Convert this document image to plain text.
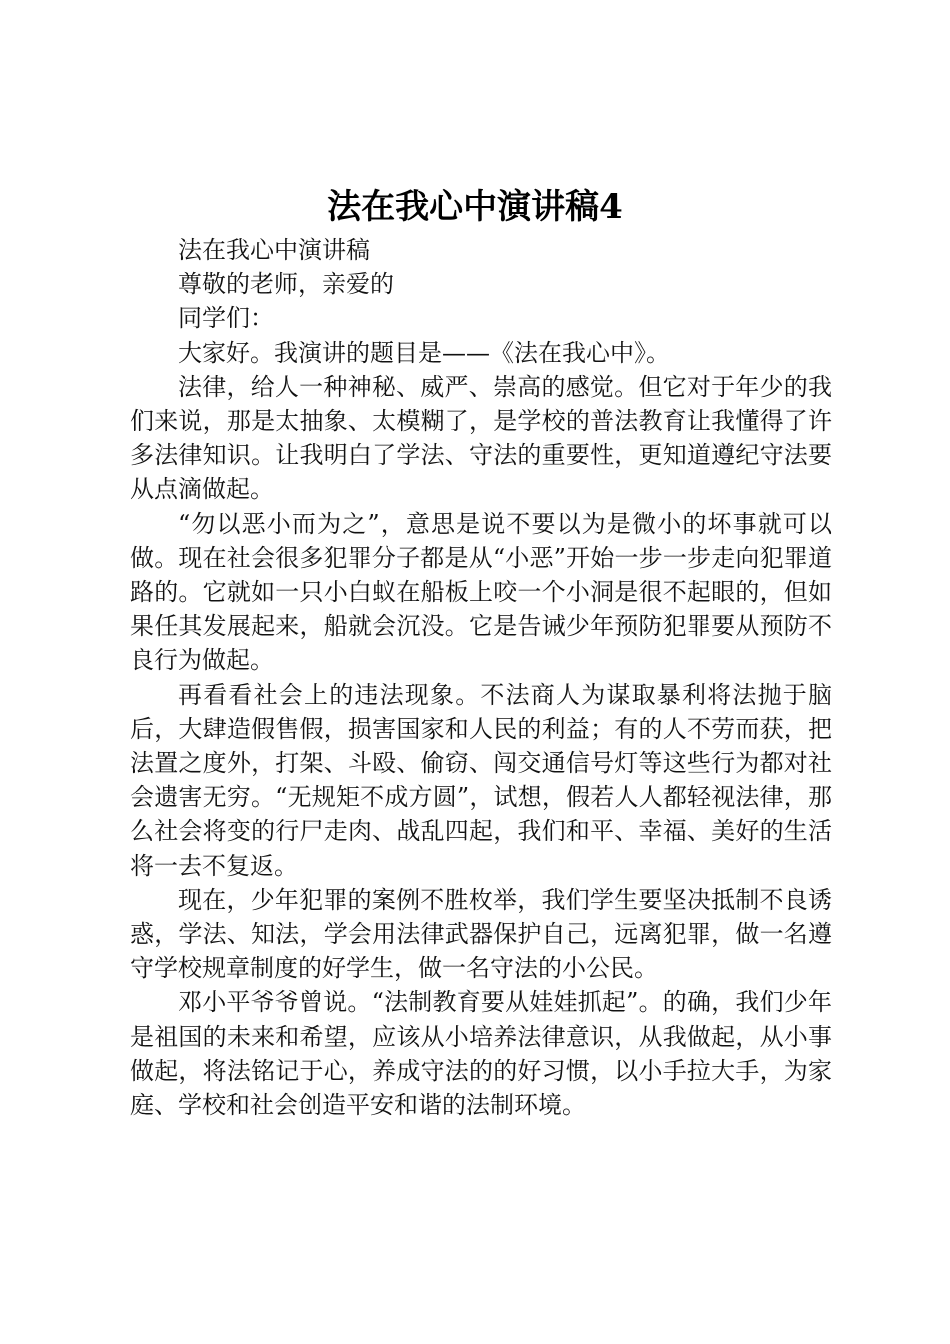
法在我心中演讲稿4

法在我心中演讲稿

尊敬的老师，亲爱的

同学们：

大家好。我演讲的题目是——《法在我心中》。

法律，给人一种神秘、威严、崇高的感觉。但它对于年少的我们来说，那是太抽象、太模糊了，是学校的普法教育让我懂得了许多法律知识。让我明白了学法、守法的重要性，更知道遵纪守法要从点滴做起。

“勿以恶小而为之”，意思是说不要以为是微小的坏事就可以做。现在社会很多犯罪分子都是从“小恶”开始一步一步走向犯罪道路的。它就如一只小白蚁在船板上咬一个小洞是很不起眼的，但如果任其发展起来，船就会沉没。它是告诫少年预防犯罪要从预防不良行为做起。

再看看社会上的违法现象。不法商人为谋取暴利将法抛于脑后，大肆造假售假，损害国家和人民的利益；有的人不劳而获，把法置之度外，打架、斗殴、偷窃、闯交通信号灯等这些行为都对社会遗害无穷。“无规矩不成方圆”，试想，假若人人都轻视法律，那么社会将变的行尸走肉、战乱四起，我们和平、幸福、美好的生活将一去不复返。

现在，少年犯罪的案例不胜枚举，我们学生要坚决抵制不良诱惑，学法、知法，学会用法律武器保护自己，远离犯罪，做一名遵守学校规章制度的好学生，做一名守法的小公民。

邓小平爷爷曾说。“法制教育要从娃娃抓起”。的确，我们少年是祖国的未来和希望，应该从小培养法律意识，从我做起，从小事做起，将法铭记于心，养成守法的的好习惯，以小手拉大手，为家庭、学校和社会创造平安和谐的法制环境。
